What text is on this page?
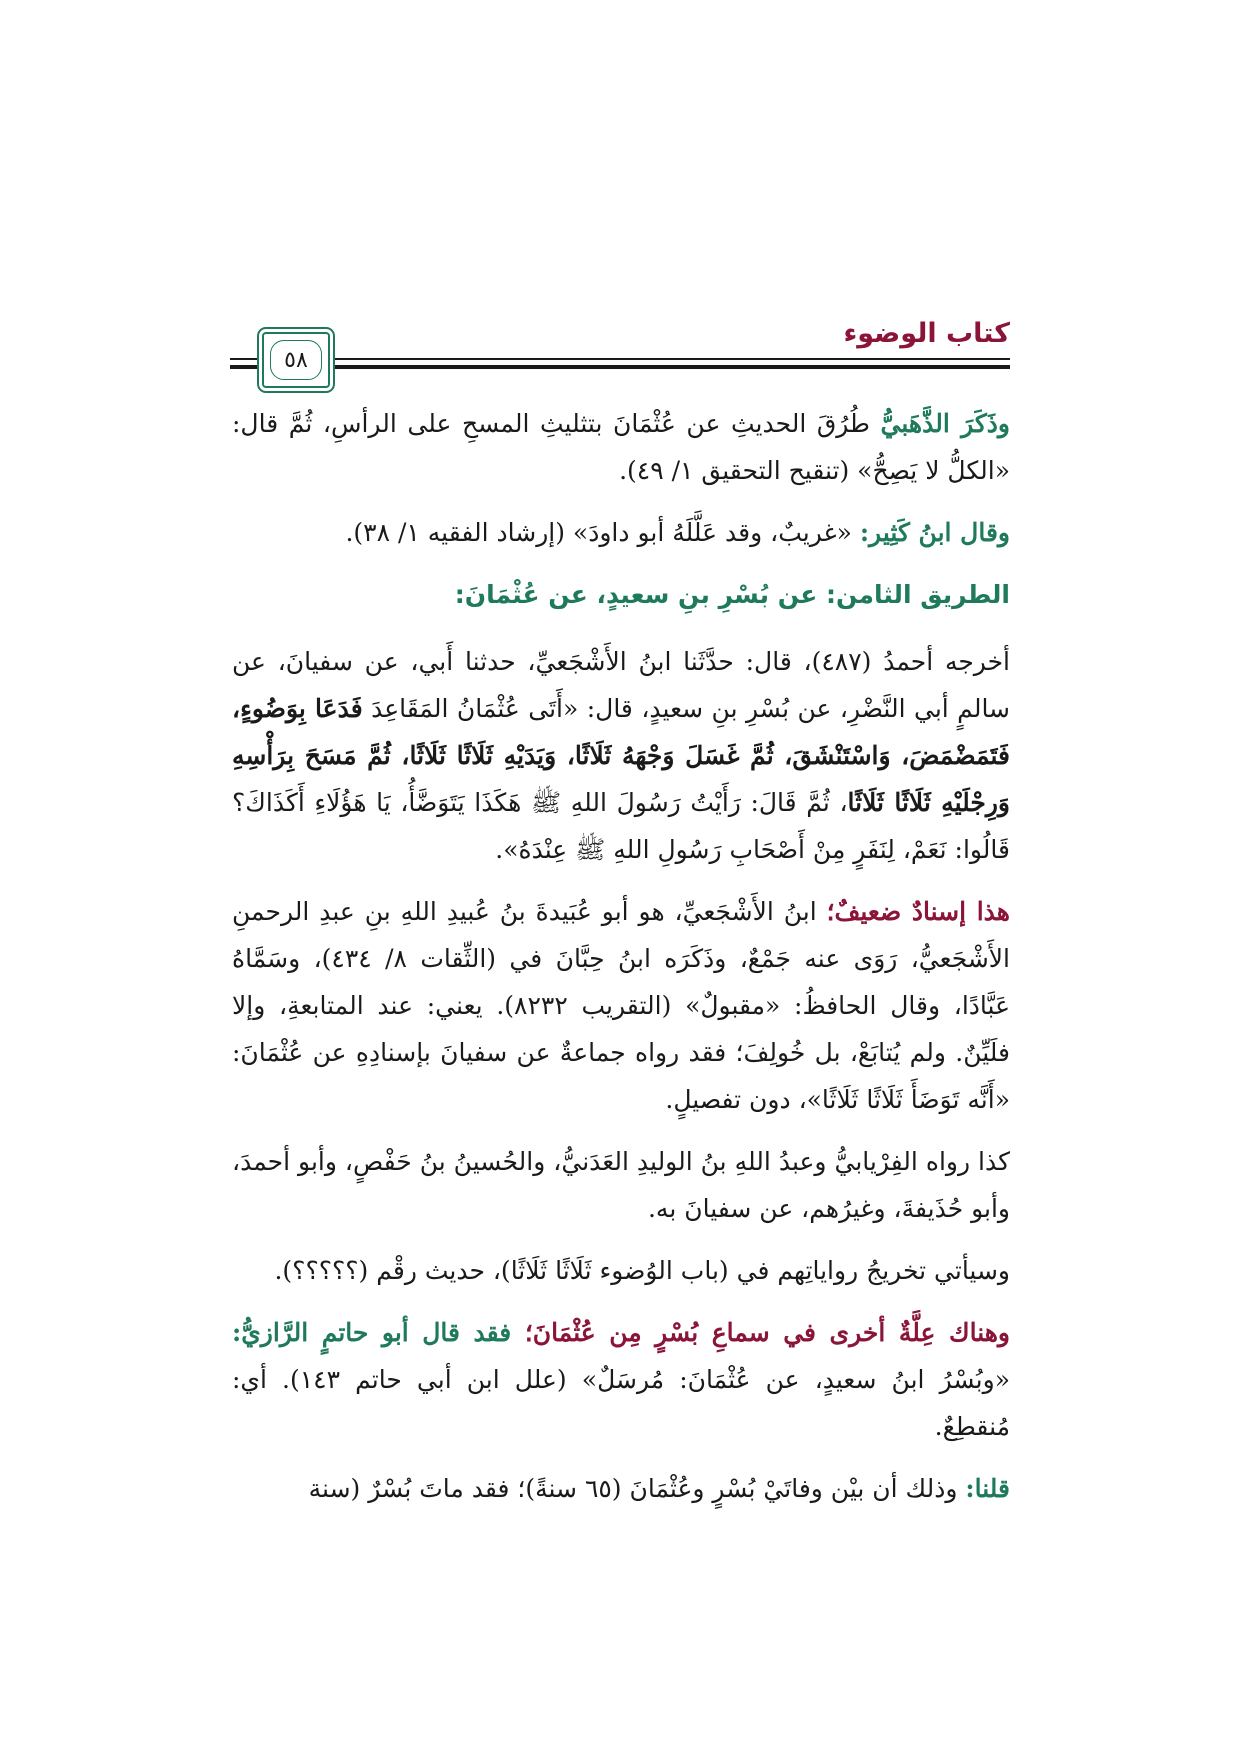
كتاب الوضوء
٥٨

وذَكَرَ الذَّهَبيُّ طُرُقَ الحديثِ عن عُثْمَانَ بتثليثِ المسحِ على الرأسِ، ثُمَّ قال: «الكلُّ لا يَصِحُّ» (تنقيح التحقيق ١/ ٤٩).

وقال ابنُ كَثِير: «غريبٌ، وقد عَلَّلَهُ أبو داودَ» (إرشاد الفقيه ١/ ٣٨).

الطريق الثامن: عن بُسْرِ بنِ سعيدٍ، عن عُثْمَانَ:

أخرجه أحمدُ (٤٨٧)، قال: حدَّثَنا ابنُ الأَشْجَعيِّ، حدثنا أَبي، عن سفيانَ، عن سالمٍ أبي النَّضْرِ، عن بُسْرِ بنِ سعيدٍ، قال: «أَتَى عُثْمَانُ المَقَاعِدَ فَدَعَا بِوَضُوءٍ، فَتَمَضْمَضَ، وَاسْتَنْشَقَ، ثُمَّ غَسَلَ وَجْهَهُ ثَلَاثًا، وَيَدَيْهِ ثَلَاثًا ثَلَاثًا، ثُمَّ مَسَحَ بِرَأْسِهِ وَرِجْلَيْهِ ثَلَاثًا ثَلَاثًا، ثُمَّ قَالَ: رَأَيْتُ رَسُولَ اللهِ ﷺ هَكَذَا يَتَوَضَّأُ، يَا هَؤُلَاءِ أَكَذَاكَ؟ قَالُوا: نَعَمْ، لِنَفَرٍ مِنْ أَصْحَابِ رَسُولِ اللهِ ﷺ عِنْدَهُ».

هذا إسنادٌ ضعيفٌ؛ ابنُ الأَشْجَعيِّ، هو أبو عُبَيدةَ بنُ عُبيدِ اللهِ بنِ عبدِ الرحمنِ الأَشْجَعيُّ، رَوَى عنه جَمْعٌ، وذَكَرَه ابنُ حِبَّانَ في (الثِّقات ٨/ ٤٣٤)، وسَمَّاهُ عَبَّادًا، وقال الحافظُ: «مقبولٌ» (التقريب ٨٢٣٢). يعني: عند المتابعةِ، وإلا فلَيِّنٌ. ولم يُتابَعْ، بل خُولِفَ؛ فقد رواه جماعةٌ عن سفيانَ بإسنادِهِ عن عُثْمَانَ: «أَنَّه تَوَضَأَ ثَلَاثًا ثَلَاثًا»، دون تفصيلٍ.

كذا رواه الفِرْيابيُّ وعبدُ اللهِ بنُ الوليدِ العَدَنيُّ، والحُسينُ بنُ حَفْصٍ، وأبو أحمدَ، وأبو حُذَيفةَ، وغيرُهم، عن سفيانَ به.

وسيأتي تخريجُ رواياتِهم في (باب الوُضوء ثَلَاثًا ثَلَاثًا)، حديث رقْم (؟؟؟؟؟).

وهناك عِلَّةٌ أخرى في سماعِ بُسْرٍ مِن عُثْمَانَ؛ فقد قال أبو حاتمٍ الرَّازيُّ: «وبُسْرُ ابنُ سعيدٍ، عن عُثْمَانَ: مُرسَلٌ» (علل ابن أبي حاتم ١٤٣). أي: مُنقطِعٌ.

قلنا: وذلك أن بيْن وفاتَيْ بُسْرٍ وعُثْمَانَ (٦٥ سنةً)؛ فقد ماتَ بُسْرٌ (سنة
